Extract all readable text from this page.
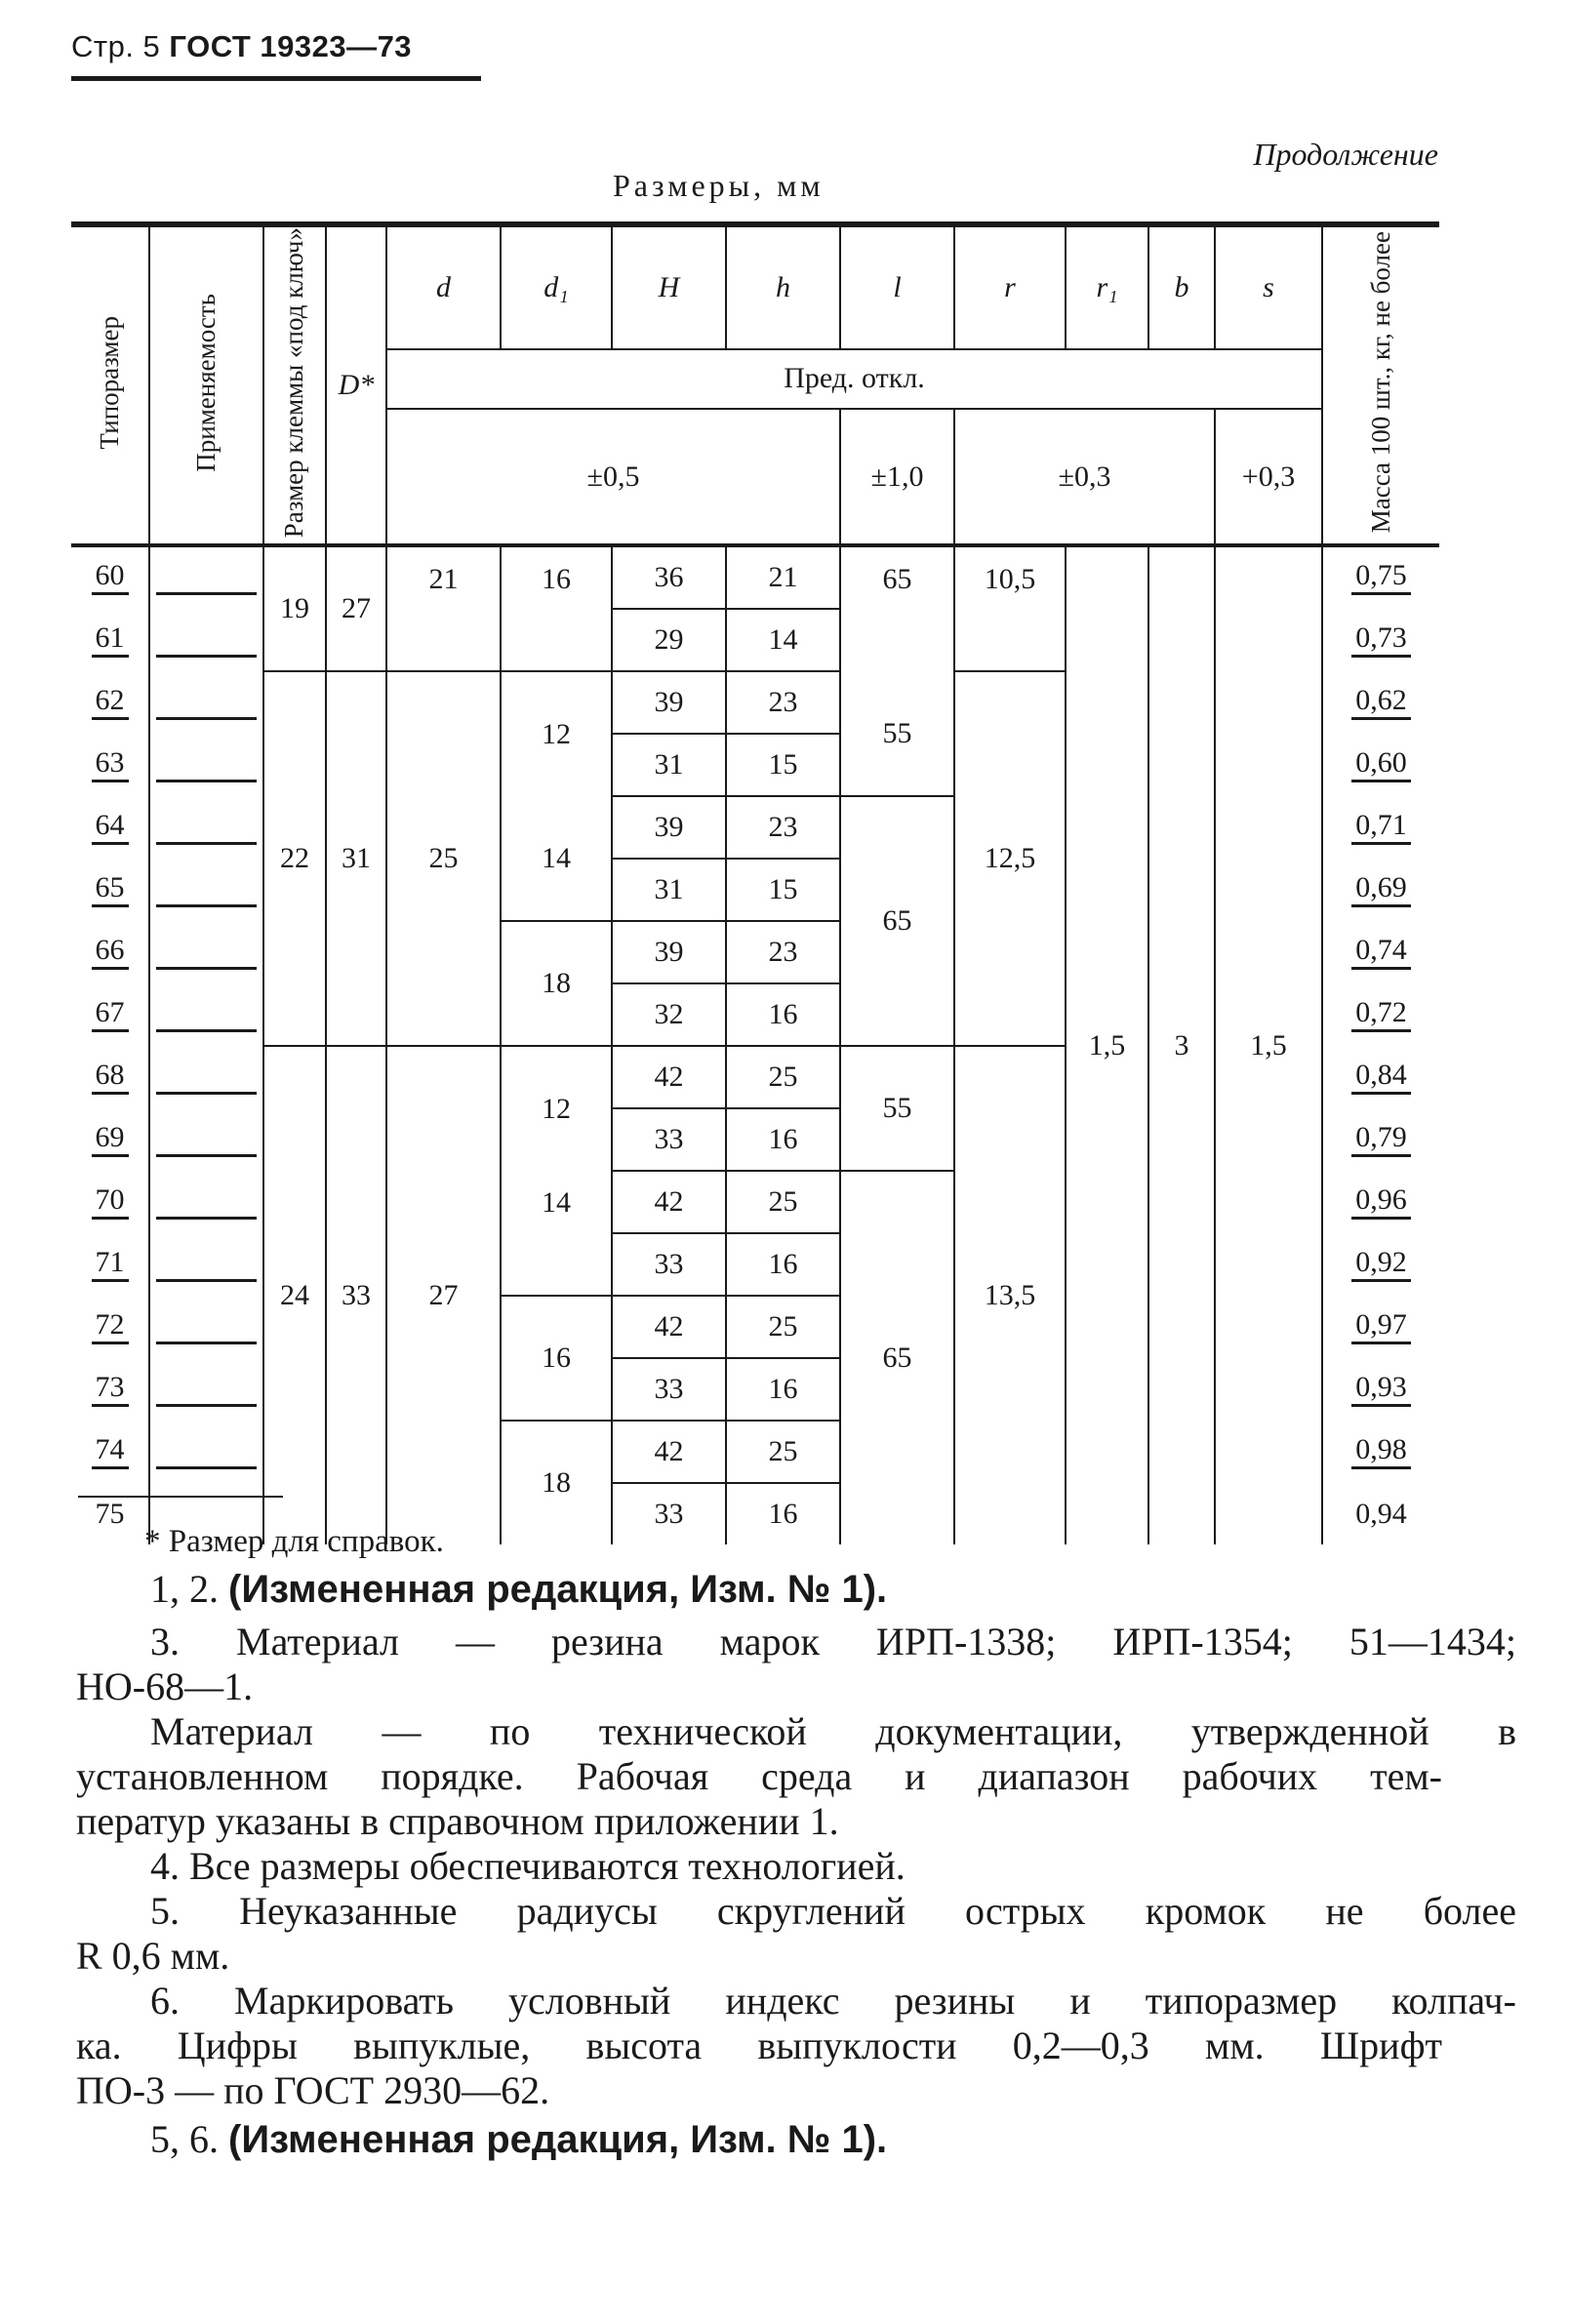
Стр. 5 ГОСТ 19323—73
Продолжение
Размеры, мм
Типоразмер	Применяемость	Размер клеммы «под ключ»	D*	d	d₁	H	h	l	r	r₁	b	s	Масса 100 шт., кг, не более
				Пред. откл.									
				±0,5				±1,0	±0,3			+0,3	
60		19	27	21	16	36	21	65	10,5	1,5	3	1,5	0,75
61						29	14						0,73
62		22	31	25	12	39	23	55	12,5				0,62
63						31	15						0,60
64					14	39	23	65					0,71
65						31	15						0,69
66					18	39	23						0,74
67						32	16						0,72
68		24	33	27	12	42	25	55	13,5				0,84
69						33	16						0,79
70					14	42	25	65					0,96
71						33	16						0,92
72					16	42	25						0,97
73						33	16						0,93
74					18	42	25						0,98
75						33	16						0,94
* Размер для справок.
1, 2. (Измененная редакция, Изм. № 1).
3. Материал — резина марок ИРП-1338; ИРП-1354; 51—1434;
НО-68—1.
Материал — по технической документации, утвержденной в
установленном порядке. Рабочая среда и диапазон рабочих тем-
ператур указаны в справочном приложении 1.
4. Все размеры обеспечиваются технологией.
5. Неуказанные радиусы скруглений острых кромок не более
R 0,6 мм.
6. Маркировать условный индекс резины и типоразмер колпач-
ка. Цифры выпуклые, высота выпуклости 0,2—0,3 мм. Шрифт
ПО-3 — по ГОСТ 2930—62.
5, 6. (Измененная редакция, Изм. № 1).
